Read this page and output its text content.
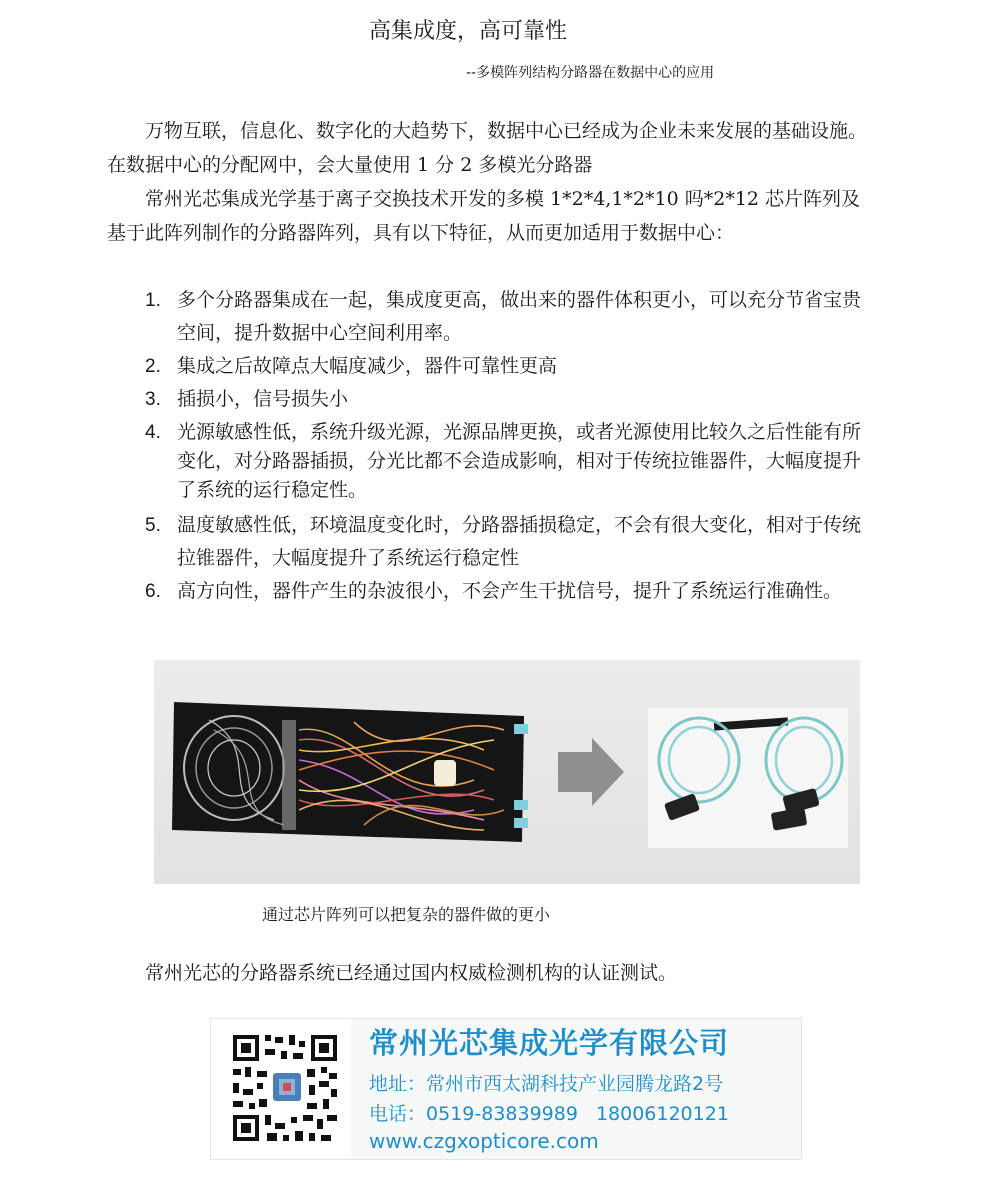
高集成度，高可靠性
--多模阵列结构分路器在数据中心的应用

万物互联，信息化、数字化的大趋势下，数据中心已经成为企业未来发展的基础设施。在数据中心的分配网中，会大量使用 1 分 2 多模光分路器

常州光芯集成光学基于离子交换技术开发的多模 1*2*4,1*2*10 吗*2*12 芯片阵列及基于此阵列制作的分路器阵列，具有以下特征，从而更加适用于数据中心：

1. 多个分路器集成在一起，集成度更高，做出来的器件体积更小，可以充分节省宝贵空间，提升数据中心空间利用率。
2. 集成之后故障点大幅度减少，器件可靠性更高
3. 插损小，信号损失小
4. 光源敏感性低，系统升级光源，光源品牌更换，或者光源使用比较久之后性能有所变化，对分路器插损，分光比都不会造成影响，相对于传统拉锥器件，大幅度提升了系统的运行稳定性。
5. 温度敏感性低，环境温度变化时，分路器插损稳定，不会有很大变化，相对于传统拉锥器件，大幅度提升了系统运行稳定性
6. 高方向性，器件产生的杂波很小，不会产生干扰信号，提升了系统运行准确性。
通过芯片阵列可以把复杂的器件做的更小
常州光芯的分路器系统已经通过国内权威检测机构的认证测试。
常州光芯集成光学有限公司
地址：常州市西太湖科技产业园腾龙路2号
电话：0519-83839989 18006120121
www.czgxopticore.com
